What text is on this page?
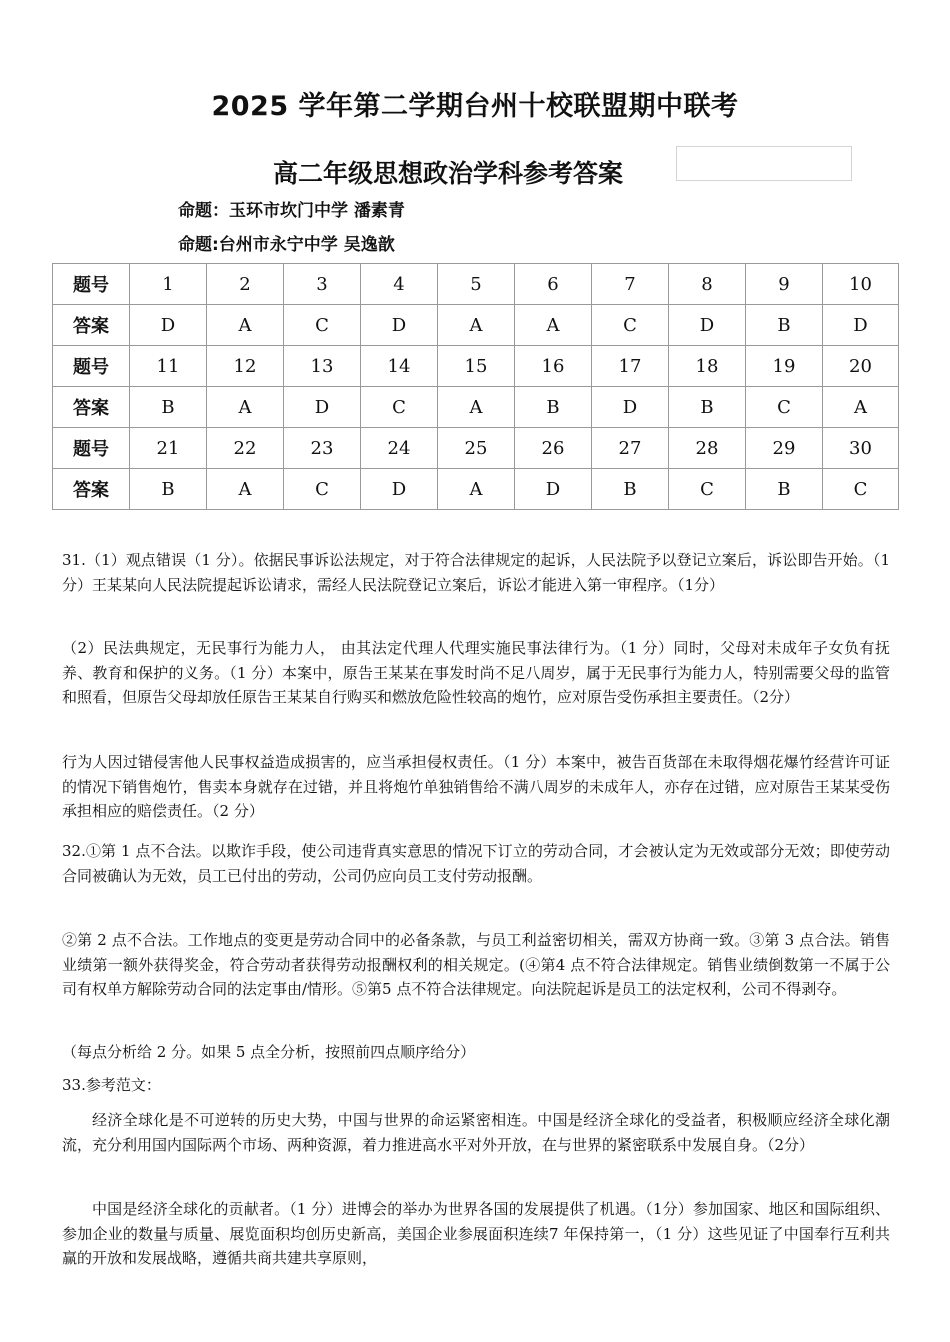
2025 学年第二学期台州十校联盟期中联考
高二年级思想政治学科参考答案
命题：玉环市坎门中学 潘素青
命题:台州市永宁中学 吴逸歆
题号	1	2	3	4	5	6	7	8	9	10
答案	D	A	C	D	A	A	C	D	B	D
题号	11	12	13	14	15	16	17	18	19	20
答案	B	A	D	C	A	B	D	B	C	A
题号	21	22	23	24	25	26	27	28	29	30
答案	B	A	C	D	A	D	B	C	B	C
31.（1）观点错误（1 分）。依据民事诉讼法规定，对于符合法律规定的起诉，人民法院予以登记立案后，诉讼即告开始。（1 分）王某某向人民法院提起诉讼请求，需经人民法院登记立案后，诉讼才能进入第一审程序。（1分）
（2）民法典规定，无民事行为能力人， 由其法定代理人代理实施民事法律行为。（1 分）同时，父母对未成年子女负有抚养、教育和保护的义务。（1 分）本案中，原告王某某在事发时尚不足八周岁，属于无民事行为能力人，特别需要父母的监管和照看，但原告父母却放任原告王某某自行购买和燃放危险性较高的炮竹，应对原告受伤承担主要责任。（2分）
行为人因过错侵害他人民事权益造成损害的，应当承担侵权责任。（1 分）本案中，被告百货部在未取得烟花爆竹经营许可证的情况下销售炮竹，售卖本身就存在过错，并且将炮竹单独销售给不满八周岁的未成年人，亦存在过错，应对原告王某某受伤承担相应的赔偿责任。（2 分）
32.①第 1 点不合法。以欺诈手段，使公司违背真实意思的情况下订立的劳动合同，才会被认定为无效或部分无效；即使劳动合同被确认为无效，员工已付出的劳动，公司仍应向员工支付劳动报酬。
②第 2 点不合法。工作地点的变更是劳动合同中的必备条款，与员工利益密切相关，需双方协商一致。③第 3 点合法。销售业绩第一额外获得奖金，符合劳动者获得劳动报酬权利的相关规定。(④第4 点不符合法律规定。销售业绩倒数第一不属于公司有权单方解除劳动合同的法定事由/情形。⑤第5 点不符合法律规定。向法院起诉是员工的法定权利，公司不得剥夺。
（每点分析给 2 分。如果 5 点全分析，按照前四点顺序给分）
33.参考范文：
经济全球化是不可逆转的历史大势，中国与世界的命运紧密相连。中国是经济全球化的受益者，积极顺应经济全球化潮流，充分利用国内国际两个市场、两种资源，着力推进高水平对外开放，在与世界的紧密联系中发展自身。（2分）
中国是经济全球化的贡献者。（1 分）进博会的举办为世界各国的发展提供了机遇。（1分）参加国家、地区和国际组织、参加企业的数量与质量、展览面积均创历史新高，美国企业参展面积连续7 年保持第一，（1 分）这些见证了中国奉行互利共赢的开放和发展战略，遵循共商共建共享原则，
